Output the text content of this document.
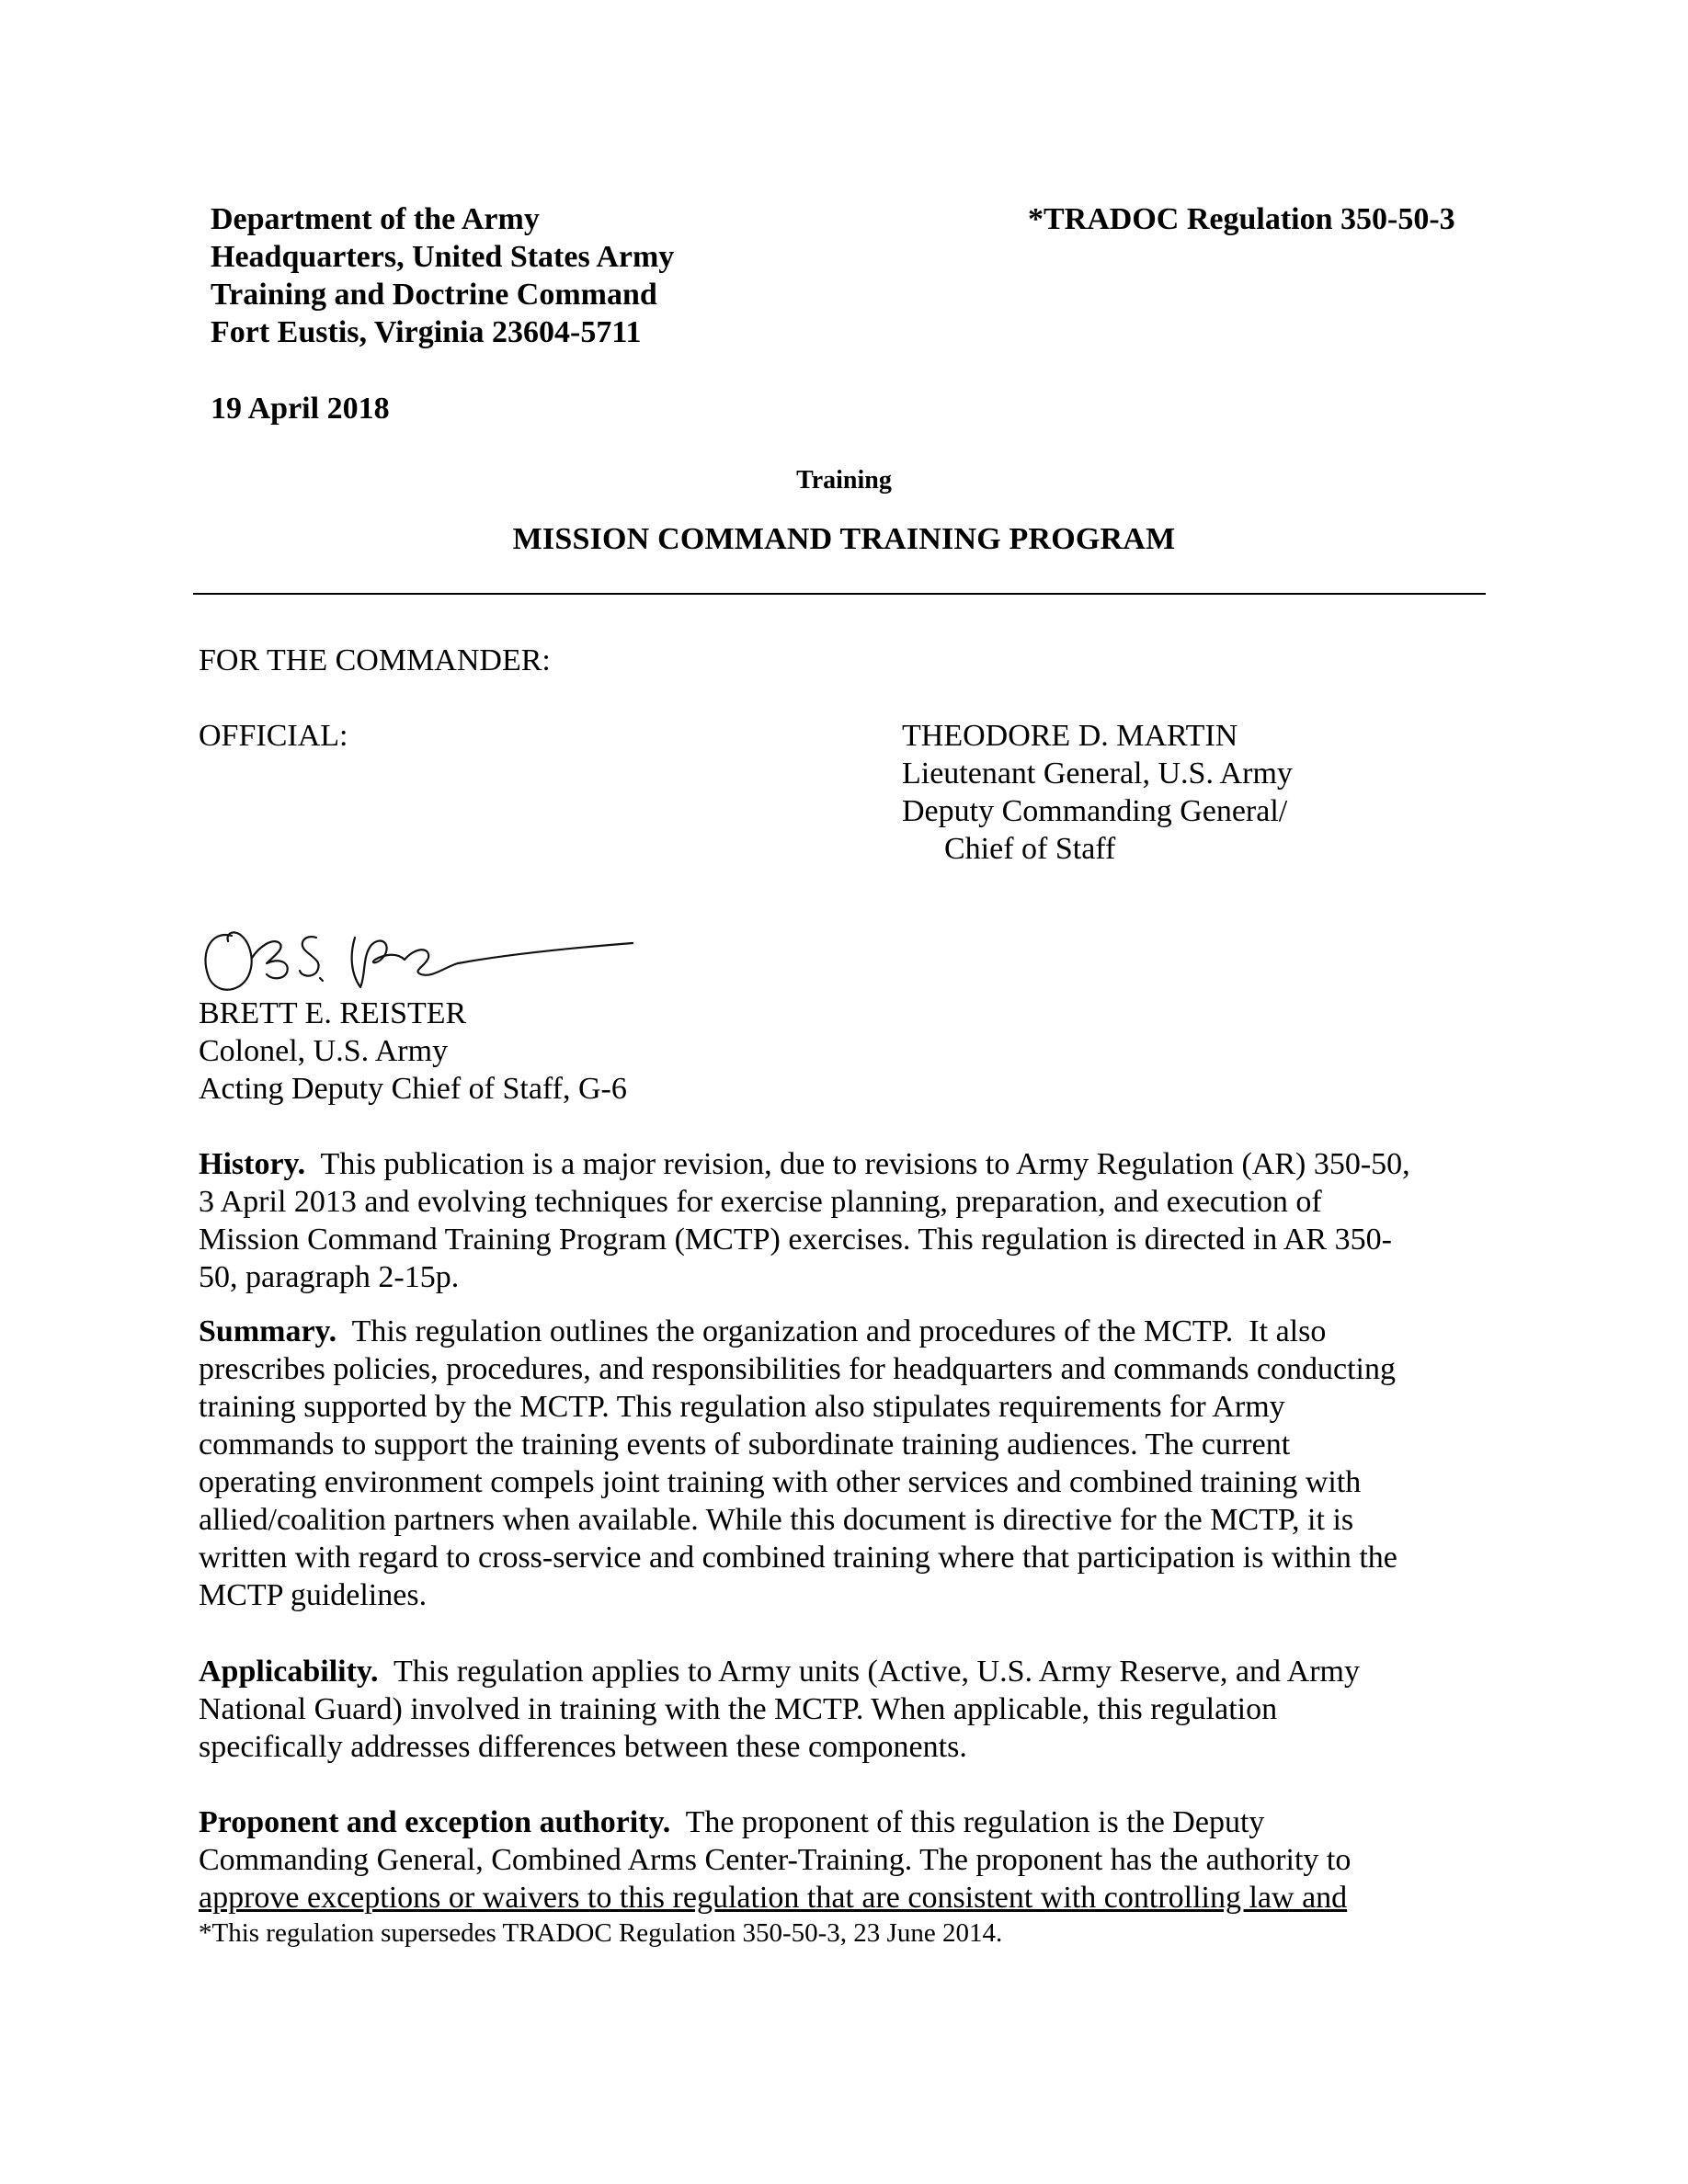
Department of the Army
Headquarters, United States Army
Training and Doctrine Command
Fort Eustis, Virginia 23604-5711
*TRADOC Regulation 350-50-3
19 April 2018
Training
MISSION COMMAND TRAINING PROGRAM
FOR THE COMMANDER:
OFFICIAL:	THEODORE D. MARTIN
Lieutenant General, U.S. Army
Deputy Commanding General/
Chief of Staff
BRETT E. REISTER
Colonel, U.S. Army
Acting Deputy Chief of Staff, G-6
History.  This publication is a major revision, due to revisions to Army Regulation (AR) 350-50,
3 April 2013 and evolving techniques for exercise planning, preparation, and execution of
Mission Command Training Program (MCTP) exercises. This regulation is directed in AR 350-
50, paragraph 2-15p.
Summary.  This regulation outlines the organization and procedures of the MCTP.  It also
prescribes policies, procedures, and responsibilities for headquarters and commands conducting
training supported by the MCTP. This regulation also stipulates requirements for Army
commands to support the training events of subordinate training audiences. The current
operating environment compels joint training with other services and combined training with
allied/coalition partners when available. While this document is directive for the MCTP, it is
written with regard to cross-service and combined training where that participation is within the
MCTP guidelines.
Applicability.  This regulation applies to Army units (Active, U.S. Army Reserve, and Army
National Guard) involved in training with the MCTP. When applicable, this regulation
specifically addresses differences between these components.
Proponent and exception authority.  The proponent of this regulation is the Deputy
Commanding General, Combined Arms Center-Training. The proponent has the authority to
approve exceptions or waivers to this regulation that are consistent with controlling law and
*This regulation supersedes TRADOC Regulation 350-50-3, 23 June 2014.
